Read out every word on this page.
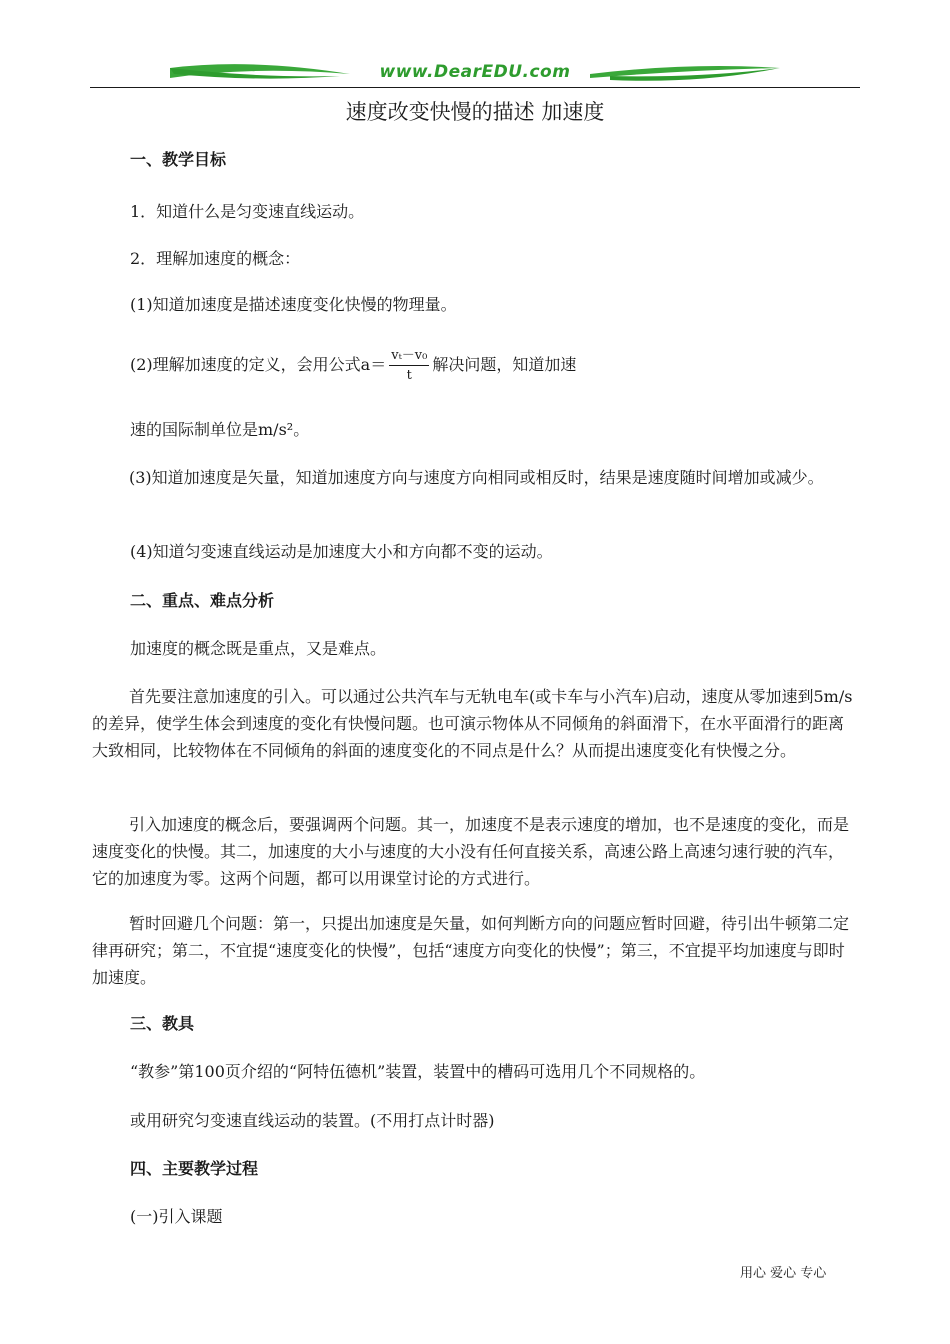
www.DearEDU.com
速度改变快慢的描述 加速度
一、教学目标
1．知道什么是匀变速直线运动。
2．理解加速度的概念：
(1)知道加速度是描述速度变化快慢的物理量。
(2)理解加速度的定义，会用公式$a= \frac{\text{vₜ－v₀}}{t}$ 解决问题，知道加速
速的国际制单位是m/s²。
(3)知道加速度是矢量，知道加速度方向与速度方向相同或相反时，结果是速度随时间增加或减少。
(4)知道匀变速直线运动是加速度大小和方向都不变的运动。
二、重点、难点分析
加速度的概念既是重点，又是难点。
首先要注意加速度的引入。可以通过公共汽车与无轨电车(或卡车与小汽车)启动，速度从零加速到5m/s的差异，使学生体会到速度的变化有快慢问题。也可演示物体从不同倾角的斜面滑下，在水平面滑行的距离大致相同，比较物体在不同倾角的斜面的速度变化的不同点是什么？从而提出速度变化有快慢之分。
引入加速度的概念后，要强调两个问题。其一，加速度不是表示速度的增加，也不是速度的变化，而是速度变化的快慢。其二，加速度的大小与速度的大小没有任何直接关系，高速公路上高速匀速行驶的汽车，它的加速度为零。这两个问题，都可以用课堂讨论的方式进行。
暂时回避几个问题：第一，只提出加速度是矢量，如何判断方向的问题应暂时回避，待引出牛顿第二定律再研究；第二，不宜提“速度变化的快慢”，包括“速度方向变化的快慢”；第三，不宜提平均加速度与即时加速度。
三、教具
“教参”第100页介绍的“阿特伍德机”装置，装置中的槽码可选用几个不同规格的。
或用研究匀变速直线运动的装置。(不用打点计时器)
四、主要教学过程
(一)引入课题
用心 爱心 专心
